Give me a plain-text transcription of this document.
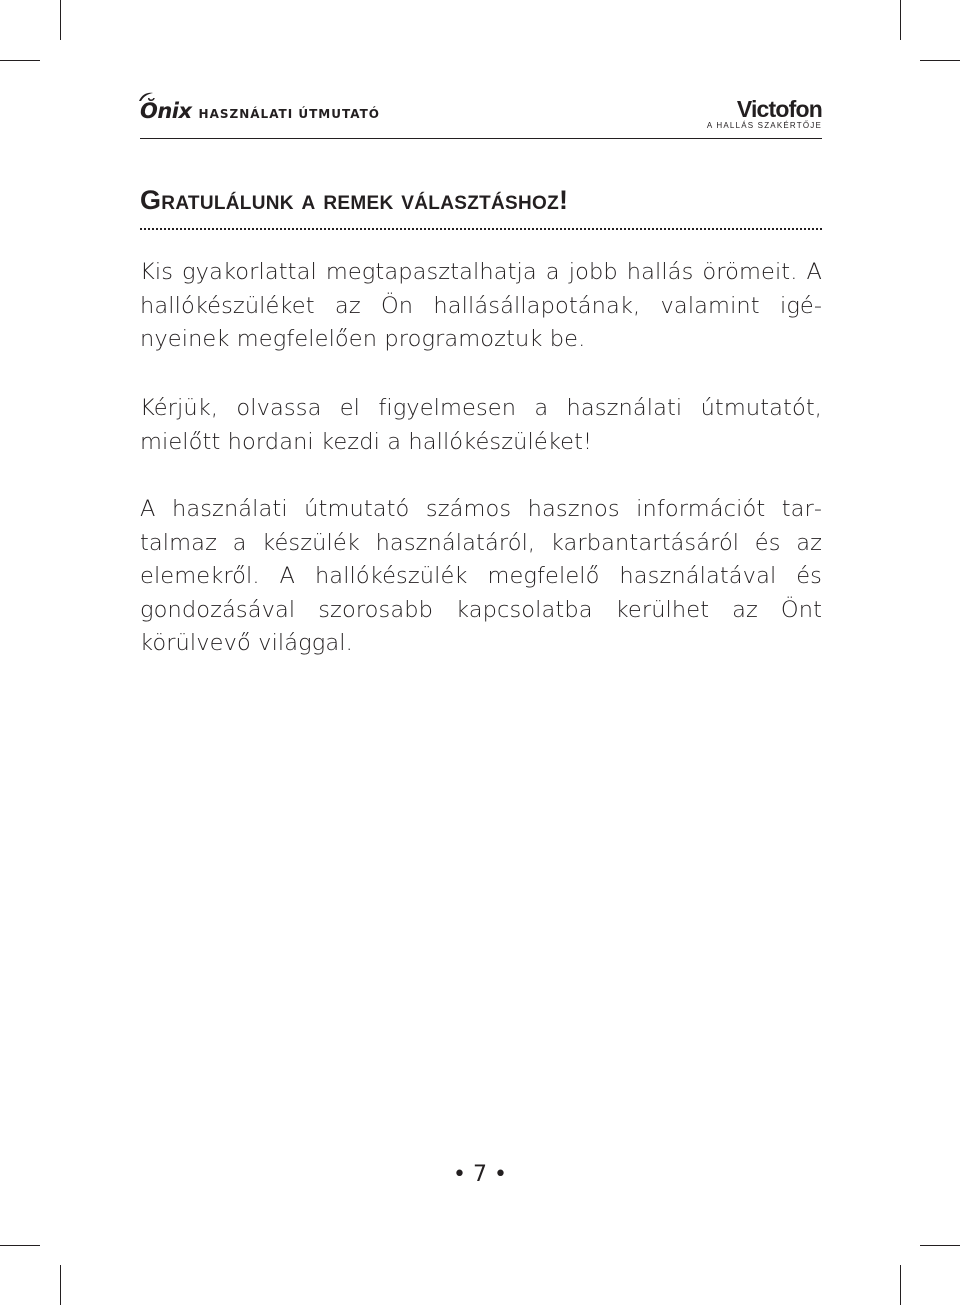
Ŏnix HASZNÁLATI ÚTMUTATÓ	Victofon
A HALLÁS SZAKÉRTŐJE
Gratulálunk a remek választáshoz!

Kis gyakorlattal megtapasztalhatja a jobb hallás örömeit. A hallókészüléket az Ön hallásállapotának, valamint igényeinek megfelelően programoztuk be.

Kérjük, olvassa el figyelmesen a használati útmutatót, mielőtt hordani kezdi a hallókészüléket!

A használati útmutató számos hasznos információt tartalmaz a készülék használatáról, karbantartásáról és az elemekről. A hallókészülék megfelelő használatával és gondozásával szorosabb kapcsolatba kerülhet az Önt körülvevő világgal.

• 7 •
